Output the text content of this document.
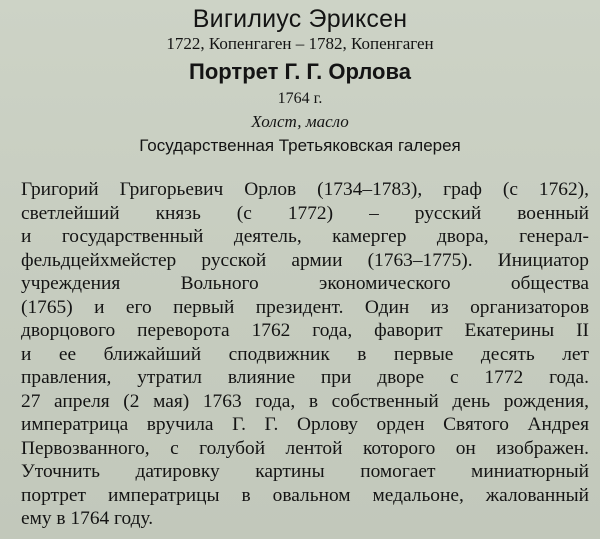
Вигилиус Эриксен
1722, Копенгаген – 1782, Копенгаген
Портрет Г. Г. Орлова
1764 г.
Холст, масло
Государственная Третьяковская галерея
Григорий Григорьевич Орлов (1734–1783), граф (с 1762),
светлейший князь (с 1772) – русский военный
и государственный деятель, камергер двора, генерал-
фельдцейхмейстер русской армии (1763–1775). Инициатор
учреждения Вольного экономического общества
(1765) и его первый президент. Один из организаторов
дворцового переворота 1762 года, фаворит Екатерины II
и ее ближайший сподвижник в первые десять лет
правления, утратил влияние при дворе с 1772 года.
27 апреля (2 мая) 1763 года, в собственный день рождения,
императрица вручила Г. Г. Орлову орден Святого Андрея
Первозванного, с голубой лентой которого он изображен.
Уточнить датировку картины помогает миниатюрный
портрет императрицы в овальном медальоне, жалованный
ему в 1764 году.
